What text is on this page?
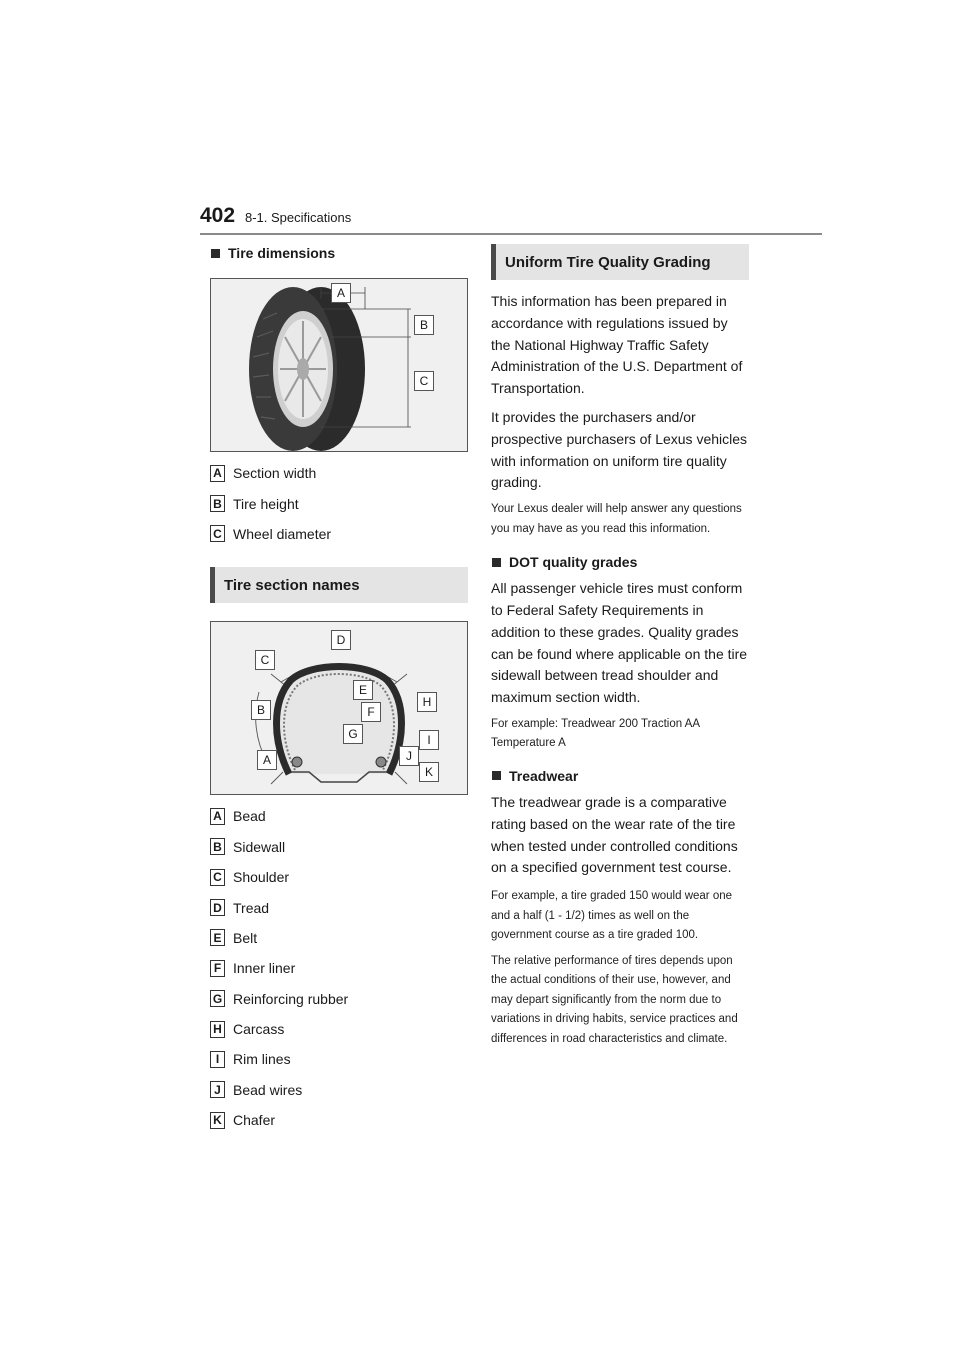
402 8-1. Specifications
Tire dimensions
A
B
C
A Section width
B Tire height
C Wheel diameter
Tire section names
A
B
C
D
E
F
G
H
I
J
K
A Bead
B Sidewall
C Shoulder
D Tread
E Belt
F Inner liner
G Reinforcing rubber
H Carcass
I Rim lines
J Bead wires
K Chafer
Uniform Tire Quality Grading

This information has been prepared in accordance with regulations issued by the National Highway Traffic Safety Administration of the U.S. Department of Transportation.

It provides the purchasers and/or prospective purchasers of Lexus vehicles with information on uniform tire quality grading.

Your Lexus dealer will help answer any questions you may have as you read this information.

DOT quality grades

All passenger vehicle tires must conform to Federal Safety Requirements in addition to these grades. Quality grades can be found where applicable on the tire sidewall between tread shoulder and maximum section width.

For example: Treadwear 200 Traction AA Temperature A

Treadwear

The treadwear grade is a comparative rating based on the wear rate of the tire when tested under controlled conditions on a specified government test course.

For example, a tire graded 150 would wear one and a half (1 - 1/2) times as well on the government course as a tire graded 100.

The relative performance of tires depends upon the actual conditions of their use, however, and may depart significantly from the norm due to variations in driving habits, service practices and differences in road characteristics and climate.
